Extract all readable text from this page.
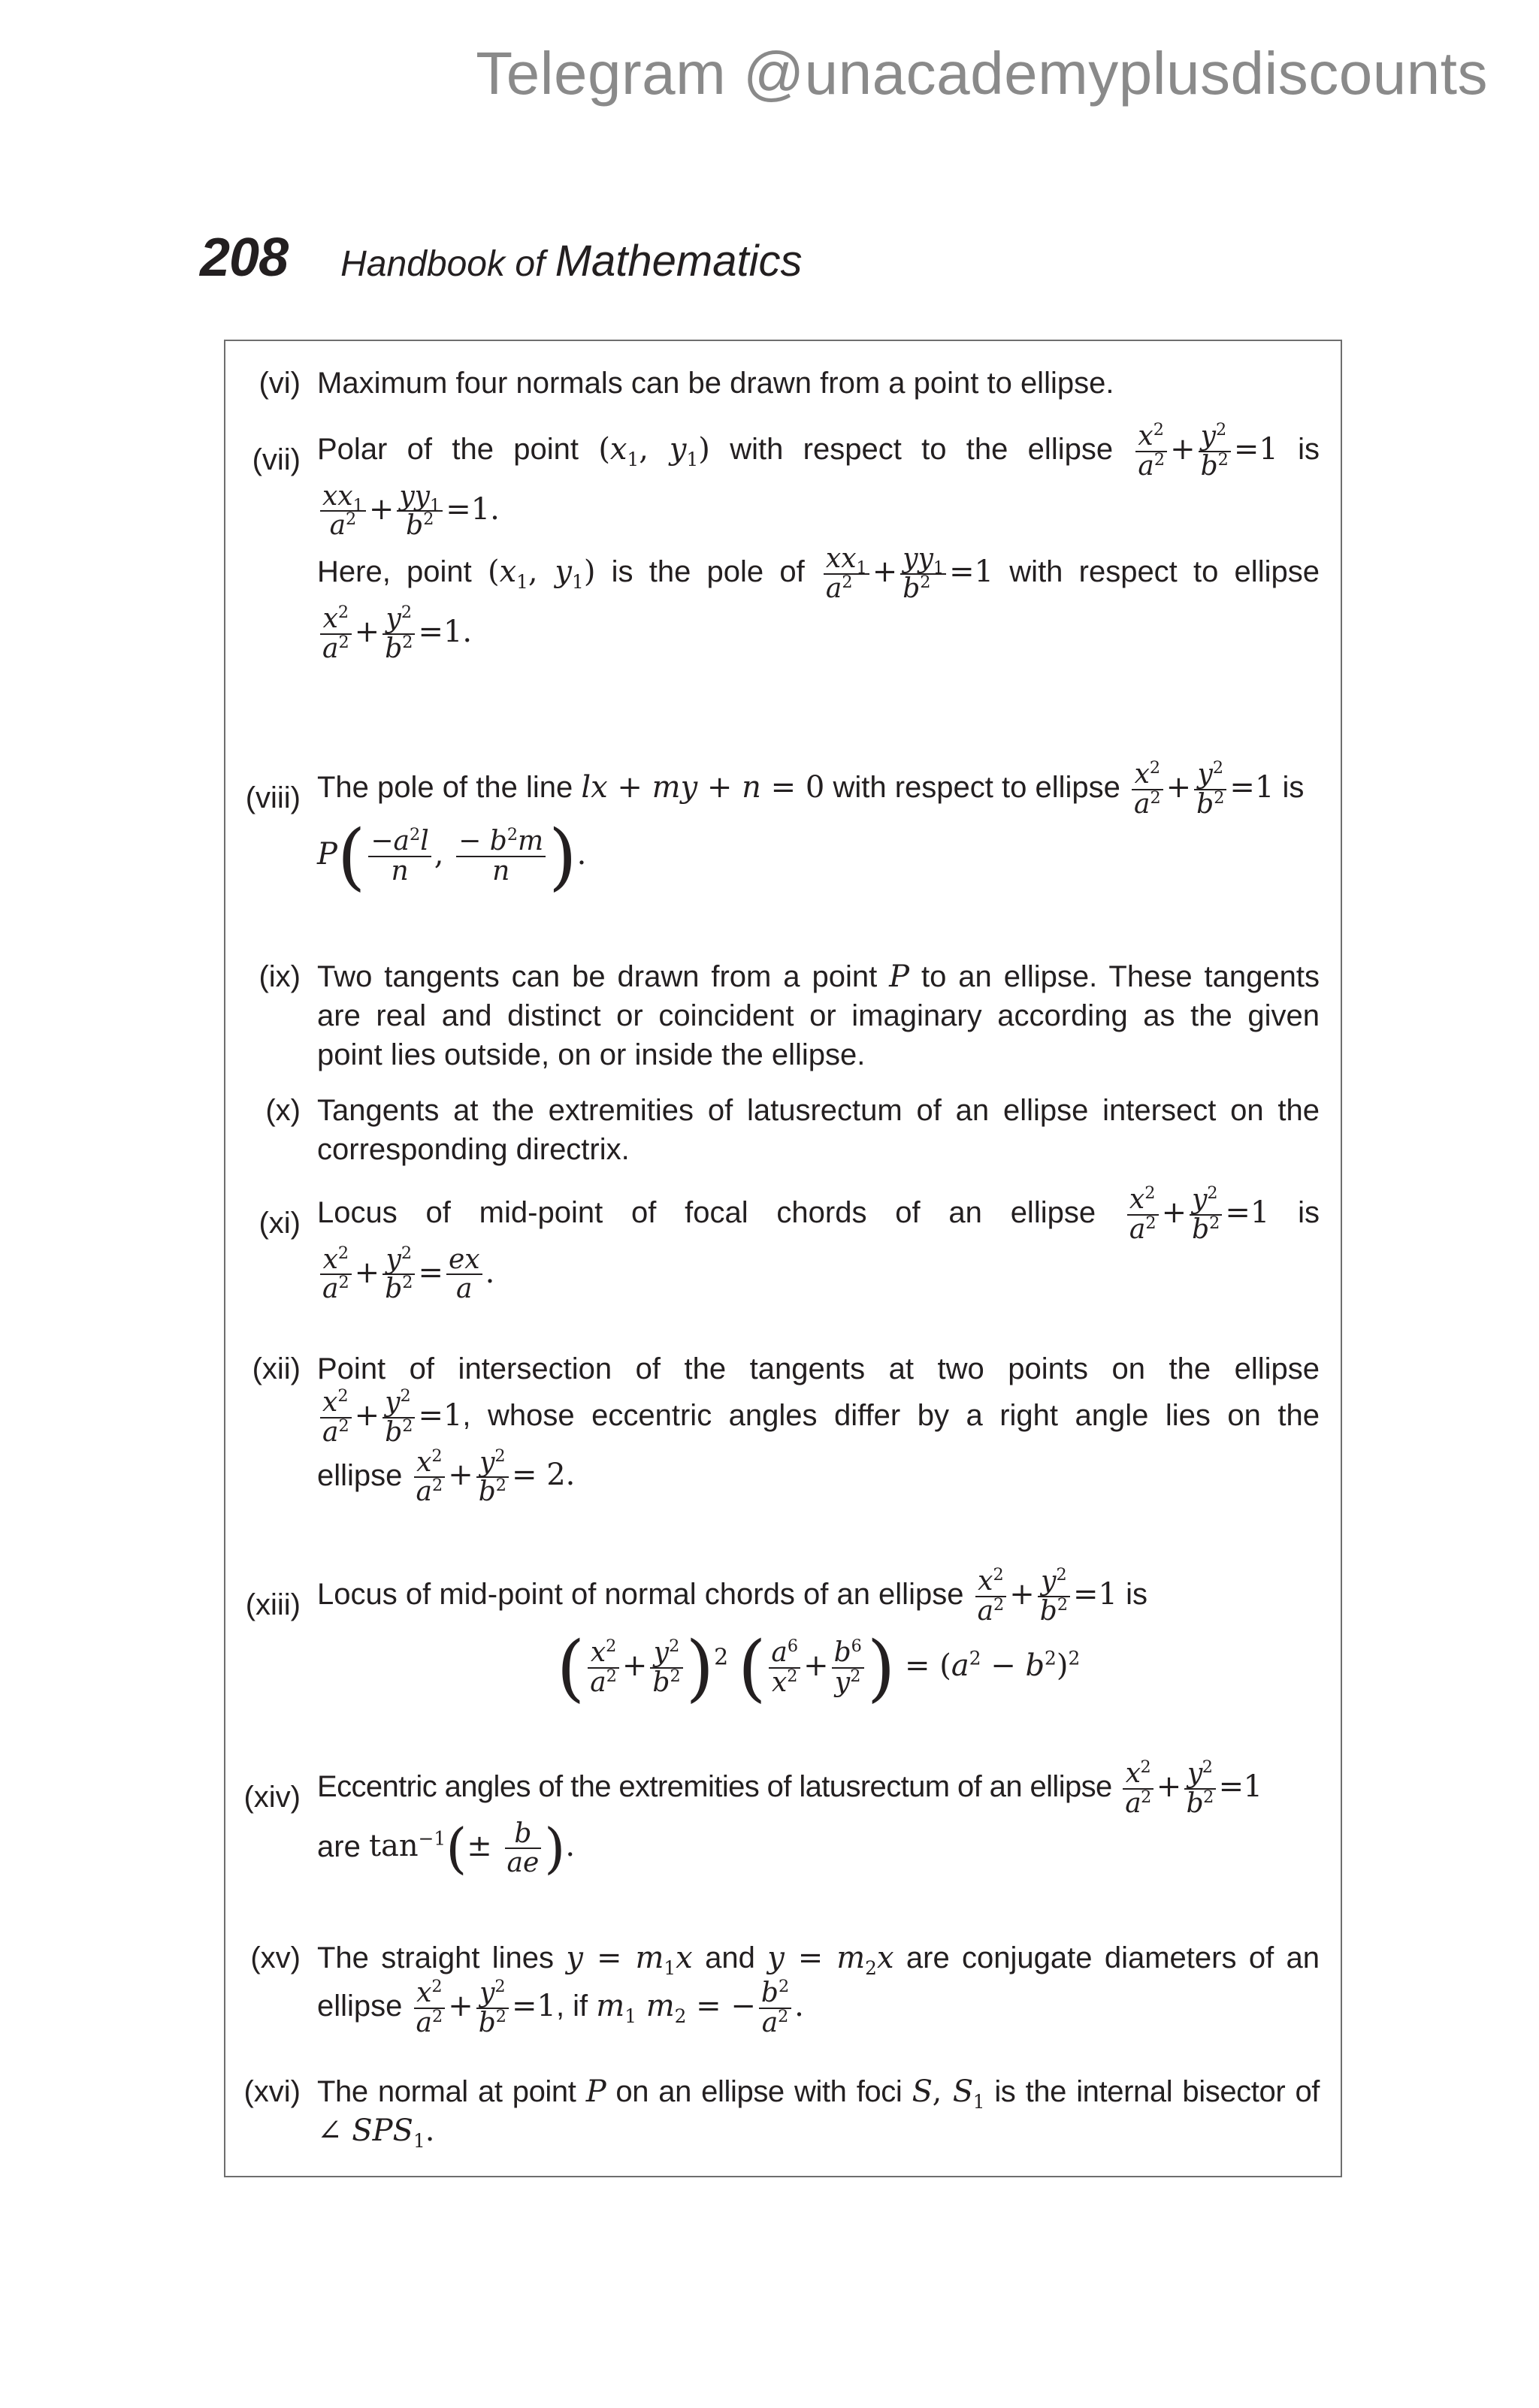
Telegram @unacademyplusdiscounts
208 Handbook of Mathematics
(vi) Maximum four normals can be drawn from a point to ellipse.
(vii) Polar of the point ($x_1$, $y_1$) with respect to the ellipse $\frac{x^2}{a^2} + \frac{y^2}{b^2} =1$ is
$\frac{xx_1}{a^2} + \frac{yy_1}{b^2} =1$.
Here, point ($x_1$, $y_1$) is the pole of $\frac{xx_1}{a^2} + \frac{yy_1}{b^2} =1$ with respect to ellipse
$\frac{x^2}{a^2} + \frac{y^2}{b^2} =1$.
(viii) The pole of the line lx + my + n = 0 with respect to ellipse $\frac{x^2}{a^2} + \frac{y^2}{b^2} =1$ is
$P( \frac{-a^2l}{n}$ , $\frac{- b^2m}{n}$ ).
(ix) Two tangents can be drawn from a point P to an ellipse. These tangents
are real and distinct or coincident or imaginary according as the given
point lies outside, on or inside the ellipse.
(x) Tangents at the extremities of latusrectum of an ellipse intersect on the
corresponding directrix.
(xi) Locus of mid-point of focal chords of an ellipse $\frac{x^2}{a^2} + \frac{y^2}{b^2} =1$ is
$\frac{x^2}{a^2} + \frac{y^2}{b^2} = \frac{ex}{a}$ .
(xii) Point of intersection of the tangents at two points on the ellipse
$\frac{x^2}{a^2} + \frac{y^2}{b^2} =1$, whose eccentric angles differ by a right angle lies on the
ellipse $\frac{x^2}{a^2} + \frac{y^2}{b^2} = 2$.
(xiii) Locus of mid-point of normal chords of an ellipse $\frac{x^2}{a^2} + \frac{y^2}{b^2} =1$ is
( $\frac{x^2}{a^2} + \frac{y^2}{b^2} )^2$ ( $\frac{a^6}{x^2} + \frac{b^6}{y^2}$ ) = $(a^2 - b^2)^2$
(xiv) Eccentric angles of the extremities of latusrectum of an ellipse $\frac{x^2}{a^2} + \frac{y^2}{b^2} =1$
are $\tan^{-1}(\pm \frac{b}{ae}$ ).
(xv) The straight lines $y = m_1x$ and $y = m_2x$ are conjugate diameters of an
ellipse $\frac{x^2}{a^2} + \frac{y^2}{b^2} =1$, if $m_1$ $m_2$ = − $\frac{b^2}{a^2}$ .
(xvi) The normal at point P on an ellipse with foci S, $S_1$ is the internal bisector of
∠ $SPS_1$.
